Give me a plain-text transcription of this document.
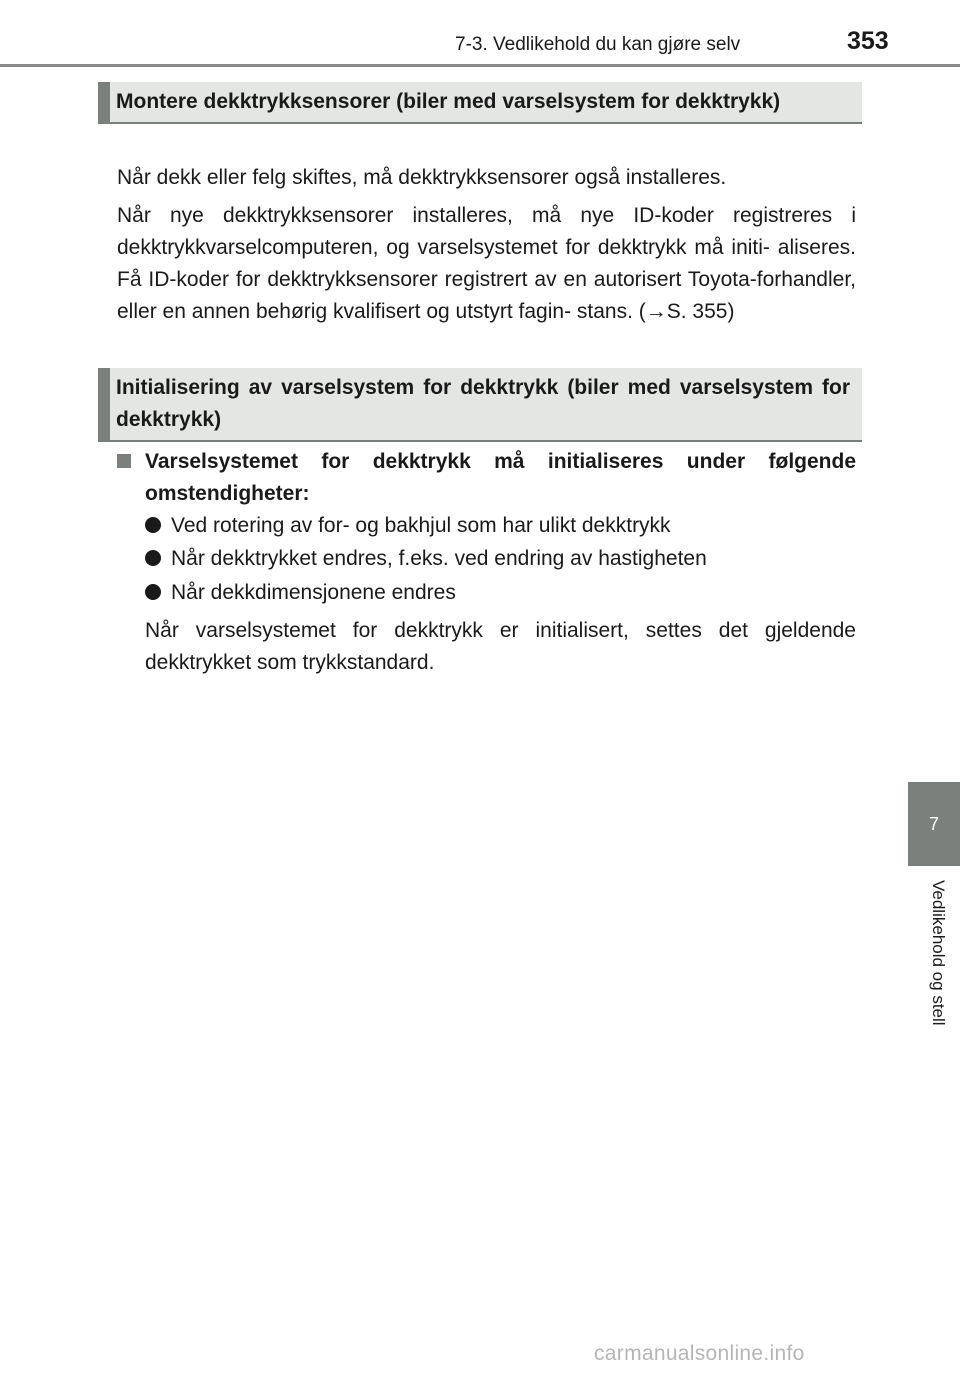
7-3. Vedlikehold du kan gjøre selv	353
Montere dekktrykksensorer (biler med varselsystem for dekktrykk)
Når dekk eller felg skiftes, må dekktrykksensorer også installeres.
Når nye dekktrykksensorer installeres, må nye ID-koder registreres i dekktrykkvarselcomputeren, og varselsystemet for dekktrykk må initi- aliseres. Få ID-koder for dekktrykksensorer registrert av en autorisert Toyota-forhandler, eller en annen behørig kvalifisert og utstyrt fagin- stans. (→S. 355)
Initialisering av varselsystem for dekktrykk (biler med varselsystem for dekktrykk)
Varselsystemet for dekktrykk må initialiseres under følgende omstendigheter:
Ved rotering av for- og bakhjul som har ulikt dekktrykk
Når dekktrykket endres, f.eks. ved endring av hastigheten
Når dekkdimensjonene endres
Når varselsystemet for dekktrykk er initialisert, settes det gjeldende dekktrykket som trykkstandard.
7
Vedlikehold og stell
carmanualsonline.info
